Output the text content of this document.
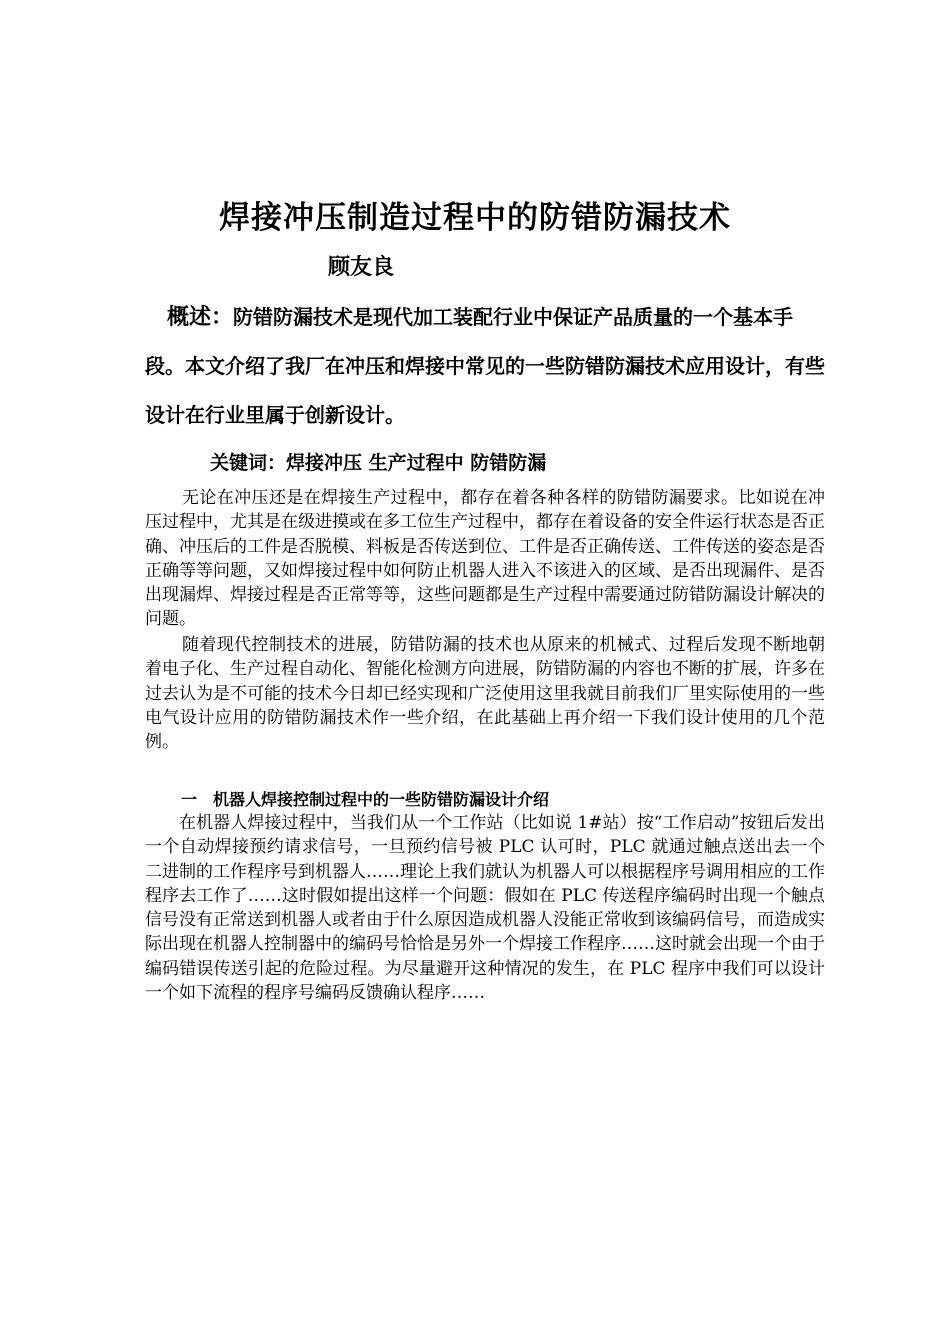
焊接冲压制造过程中的防错防漏技术
顾友良
概述：防错防漏技术是现代加工装配行业中保证产品质量的一个基本手段。本文介绍了我厂在冲压和焊接中常见的一些防错防漏技术应用设计，有些设计在行业里属于创新设计。
关键词：焊接冲压 生产过程中 防错防漏

无论在冲压还是在焊接生产过程中，都存在着各种各样的防错防漏要求。比如说在冲压过程中，尤其是在级进摸或在多工位生产过程中，都存在着设备的安全件运行状态是否正确、冲压后的工件是否脱模、料板是否传送到位、工件是否正确传送、工件传送的姿态是否正确等等问题，又如焊接过程中如何防止机器人进入不该进入的区域、是否出现漏件、是否出现漏焊、焊接过程是否正常等等，这些问题都是生产过程中需要通过防错防漏设计解决的问题。

随着现代控制技术的进展，防错防漏的技术也从原来的机械式、过程后发现不断地朝着电子化、生产过程自动化、智能化检测方向进展，防错防漏的内容也不断的扩展，许多在过去认为是不可能的技术今日却已经实现和广泛使用这里我就目前我们厂里实际使用的一些电气设计应用的防错防漏技术作一些介绍，在此基础上再介绍一下我们设计使用的几个范例。

一　机器人焊接控制过程中的一些防错防漏设计介绍

在机器人焊接过程中，当我们从一个工作站（比如说 1#站）按“工作启动”按钮后发出一个自动焊接预约请求信号，一旦预约信号被 PLC 认可时，PLC 就通过触点送出去一个二进制的工作程序号到机器人……理论上我们就认为机器人可以根据程序号调用相应的工作程序去工作了……这时假如提出这样一个问题：假如在 PLC 传送程序编码时出现一个触点信号没有正常送到机器人或者由于什么原因造成机器人没能正常收到该编码信号，而造成实际出现在机器人控制器中的编码号恰恰是另外一个焊接工作程序……这时就会出现一个由于编码错误传送引起的危险过程。为尽量避开这种情况的发生，在 PLC 程序中我们可以设计一个如下流程的程序号编码反馈确认程序……
